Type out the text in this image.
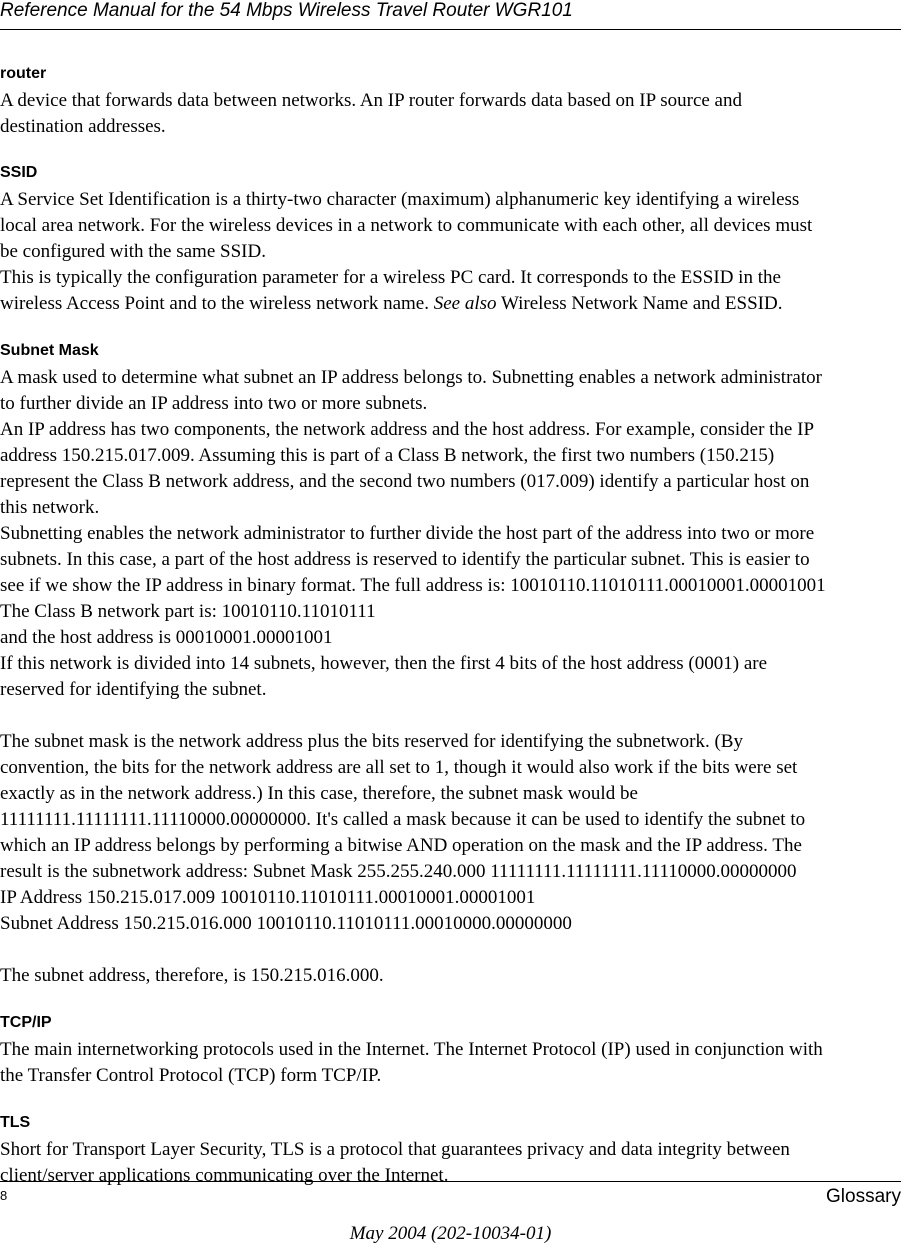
Reference Manual for the 54 Mbps Wireless Travel Router WGR101
router

A device that forwards data between networks. An IP router forwards data based on IP source and

destination addresses.

SSID

A Service Set Identification is a thirty-two character (maximum) alphanumeric key identifying a wireless

local area network. For the wireless devices in a network to communicate with each other, all devices must

be configured with the same SSID.

This is typically the configuration parameter for a wireless PC card. It corresponds to the ESSID in the

wireless Access Point and to the wireless network name. See also Wireless Network Name and ESSID.

Subnet Mask

A mask used to determine what subnet an IP address belongs to. Subnetting enables a network administrator

to further divide an IP address into two or more subnets.

An IP address has two components, the network address and the host address. For example, consider the IP

address 150.215.017.009. Assuming this is part of a Class B network, the first two numbers (150.215)

represent the Class B network address, and the second two numbers (017.009) identify a particular host on

this network.

Subnetting enables the network administrator to further divide the host part of the address into two or more

subnets. In this case, a part of the host address is reserved to identify the particular subnet. This is easier to

see if we show the IP address in binary format. The full address is: 10010110.11010111.00010001.00001001

The Class B network part is: 10010110.11010111

and the host address is 00010001.00001001

If this network is divided into 14 subnets, however, then the first 4 bits of the host address (0001) are

reserved for identifying the subnet.

The subnet mask is the network address plus the bits reserved for identifying the subnetwork. (By

convention, the bits for the network address are all set to 1, though it would also work if the bits were set

exactly as in the network address.) In this case, therefore, the subnet mask would be

11111111.11111111.11110000.00000000. It's called a mask because it can be used to identify the subnet to

which an IP address belongs by performing a bitwise AND operation on the mask and the IP address. The

result is the subnetwork address: Subnet Mask 255.255.240.000 11111111.11111111.11110000.00000000

IP Address 150.215.017.009 10010110.11010111.00010001.00001001

Subnet Address 150.215.016.000 10010110.11010111.00010000.00000000

The subnet address, therefore, is 150.215.016.000.

TCP/IP

The main internetworking protocols used in the Internet. The Internet Protocol (IP) used in conjunction with

the Transfer Control Protocol (TCP) form TCP/IP.

TLS

Short for Transport Layer Security, TLS is a protocol that guarantees privacy and data integrity between

client/server applications communicating over the Internet.

8	Glossary
May 2004 (202-10034-01)
